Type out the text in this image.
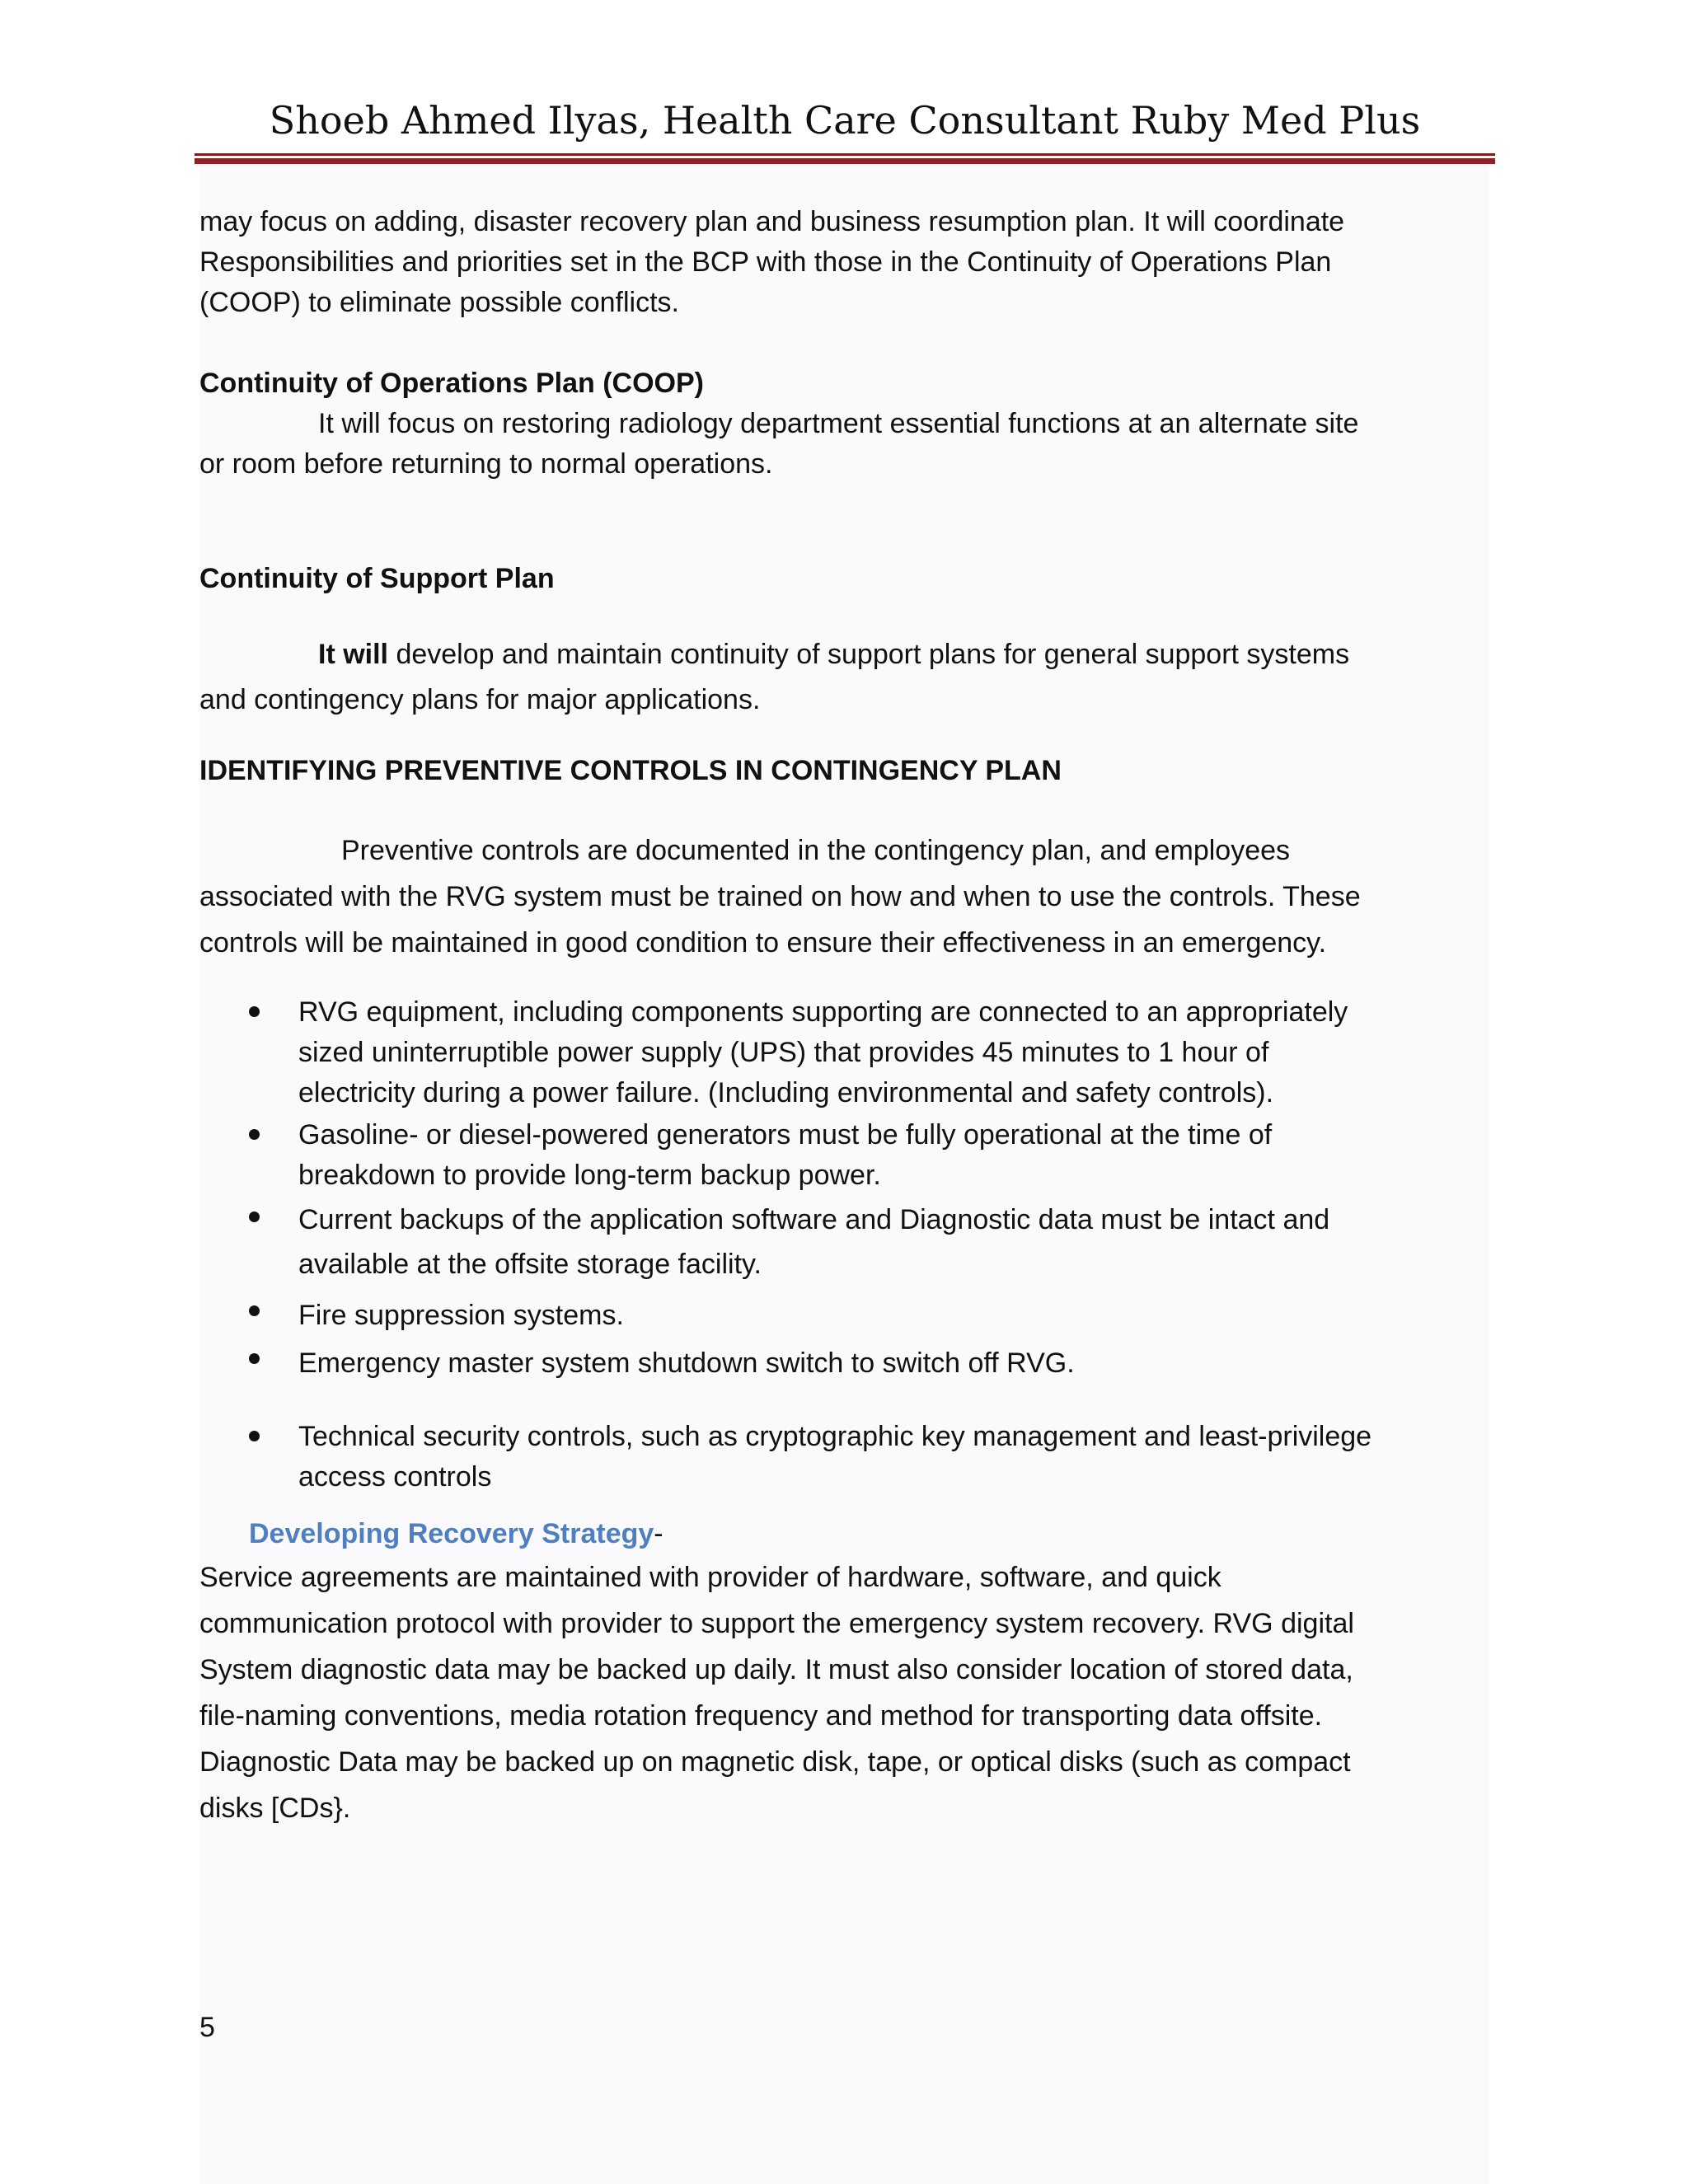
Shoeb Ahmed Ilyas, Health Care Consultant Ruby Med Plus

may focus on adding, disaster recovery plan and business resumption plan. It will coordinate

Responsibilities and priorities set in the BCP with those in the Continuity of Operations Plan

(COOP) to eliminate possible conflicts.

Continuity of Operations Plan (COOP)

It will focus on restoring radiology department essential functions at an alternate site

or room before returning to normal operations.

Continuity of Support Plan

It will develop and maintain continuity of support plans for general support systems

and contingency plans for major applications.

IDENTIFYING PREVENTIVE CONTROLS IN CONTINGENCY PLAN

Preventive controls are documented in the contingency plan, and employees

associated with the RVG system must be trained on how and when to use the controls. These

controls will be maintained in good condition to ensure their effectiveness in an emergency.

RVG equipment, including components supporting are connected to an appropriately

sized uninterruptible power supply (UPS) that provides 45 minutes to 1 hour of

electricity during a power failure. (Including environmental and safety controls).

Gasoline- or diesel-powered generators must be fully operational at the time of

breakdown to provide long-term backup power.

Current backups of the application software and Diagnostic data must be intact and

available at the offsite storage facility.

Fire suppression systems.

Emergency master system shutdown switch to switch off RVG.

Technical security controls, such as cryptographic key management and least-privilege

access controls

Developing Recovery Strategy-

Service agreements are maintained with provider of hardware, software, and quick

communication protocol with provider to support the emergency system recovery. RVG digital

System diagnostic data may be backed up daily. It must also consider location of stored data,

file-naming conventions, media rotation frequency and method for transporting data offsite.

Diagnostic Data may be backed up on magnetic disk, tape, or optical disks (such as compact

disks [CDs}.

5
